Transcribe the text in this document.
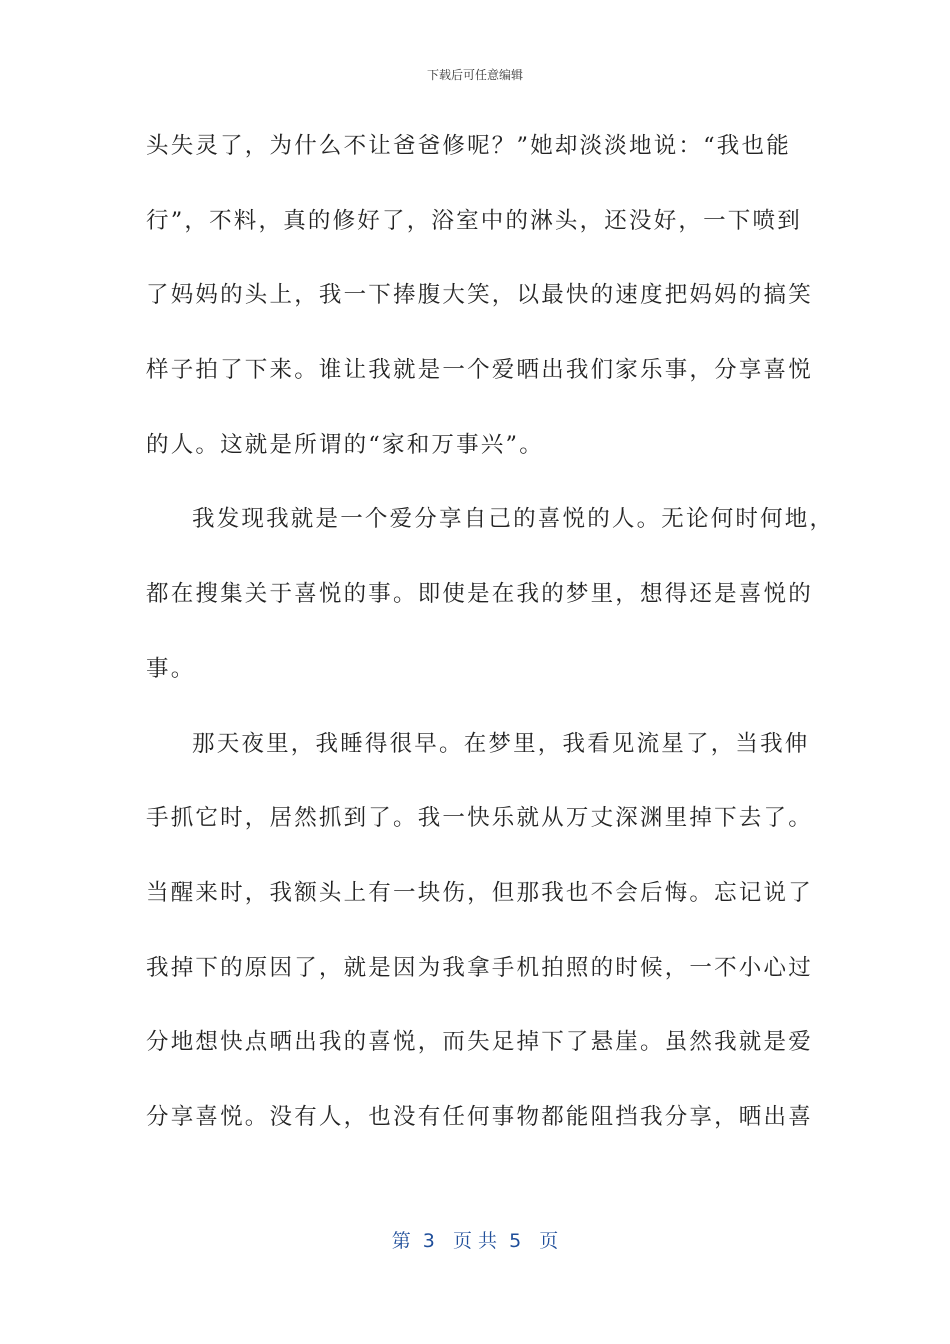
下载后可任意编辑
头失灵了，为什么不让爸爸修呢？”她却淡淡地说：“我也能
行”，不料，真的修好了，浴室中的淋头，还没好，一下喷到
了妈妈的头上，我一下捧腹大笑，以最快的速度把妈妈的搞笑
样子拍了下来。谁让我就是一个爱晒出我们家乐事，分享喜悦
的人。这就是所谓的“家和万事兴”。
我发现我就是一个爱分享自己的喜悦的人。无论何时何地，
都在搜集关于喜悦的事。即使是在我的梦里，想得还是喜悦的
事。
那天夜里，我睡得很早。在梦里，我看见流星了，当我伸
手抓它时，居然抓到了。我一快乐就从万丈深渊里掉下去了。
当醒来时，我额头上有一块伤，但那我也不会后悔。忘记说了
我掉下的原因了，就是因为我拿手机拍照的时候，一不小心过
分地想快点晒出我的喜悦，而失足掉下了悬崖。虽然我就是爱
分享喜悦。没有人，也没有任何事物都能阻挡我分享，晒出喜
第  3   页 共  5   页
